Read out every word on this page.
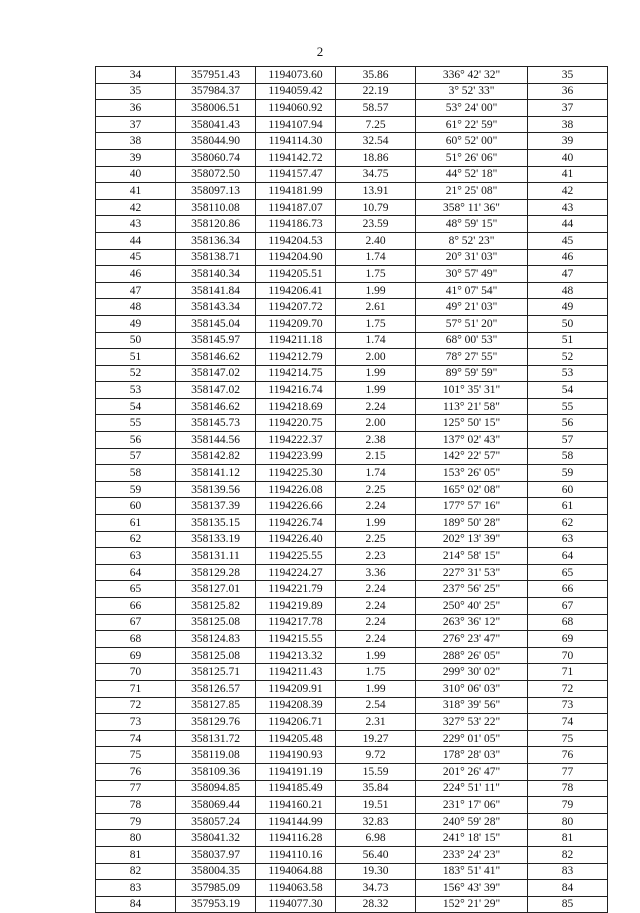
2
34	357951.43	1194073.60	35.86	336° 42' 32"	35
35	357984.37	1194059.42	22.19	3° 52' 33"	36
36	358006.51	1194060.92	58.57	53° 24' 00"	37
37	358041.43	1194107.94	7.25	61° 22' 59"	38
38	358044.90	1194114.30	32.54	60° 52' 00"	39
39	358060.74	1194142.72	18.86	51° 26' 06"	40
40	358072.50	1194157.47	34.75	44° 52' 18"	41
41	358097.13	1194181.99	13.91	21° 25' 08"	42
42	358110.08	1194187.07	10.79	358° 11' 36"	43
43	358120.86	1194186.73	23.59	48° 59' 15"	44
44	358136.34	1194204.53	2.40	8° 52' 23"	45
45	358138.71	1194204.90	1.74	20° 31' 03"	46
46	358140.34	1194205.51	1.75	30° 57' 49"	47
47	358141.84	1194206.41	1.99	41° 07' 54"	48
48	358143.34	1194207.72	2.61	49° 21' 03"	49
49	358145.04	1194209.70	1.75	57° 51' 20"	50
50	358145.97	1194211.18	1.74	68° 00' 53"	51
51	358146.62	1194212.79	2.00	78° 27' 55"	52
52	358147.02	1194214.75	1.99	89° 59' 59"	53
53	358147.02	1194216.74	1.99	101° 35' 31"	54
54	358146.62	1194218.69	2.24	113° 21' 58"	55
55	358145.73	1194220.75	2.00	125° 50' 15"	56
56	358144.56	1194222.37	2.38	137° 02' 43"	57
57	358142.82	1194223.99	2.15	142° 22' 57"	58
58	358141.12	1194225.30	1.74	153° 26' 05"	59
59	358139.56	1194226.08	2.25	165° 02' 08"	60
60	358137.39	1194226.66	2.24	177° 57' 16"	61
61	358135.15	1194226.74	1.99	189° 50' 28"	62
62	358133.19	1194226.40	2.25	202° 13' 39"	63
63	358131.11	1194225.55	2.23	214° 58' 15"	64
64	358129.28	1194224.27	3.36	227° 31' 53"	65
65	358127.01	1194221.79	2.24	237° 56' 25"	66
66	358125.82	1194219.89	2.24	250° 40' 25"	67
67	358125.08	1194217.78	2.24	263° 36' 12"	68
68	358124.83	1194215.55	2.24	276° 23' 47"	69
69	358125.08	1194213.32	1.99	288° 26' 05"	70
70	358125.71	1194211.43	1.75	299° 30' 02"	71
71	358126.57	1194209.91	1.99	310° 06' 03"	72
72	358127.85	1194208.39	2.54	318° 39' 56"	73
73	358129.76	1194206.71	2.31	327° 53' 22"	74
74	358131.72	1194205.48	19.27	229° 01' 05"	75
75	358119.08	1194190.93	9.72	178° 28' 03"	76
76	358109.36	1194191.19	15.59	201° 26' 47"	77
77	358094.85	1194185.49	35.84	224° 51' 11"	78
78	358069.44	1194160.21	19.51	231° 17' 06"	79
79	358057.24	1194144.99	32.83	240° 59' 28"	80
80	358041.32	1194116.28	6.98	241° 18' 15"	81
81	358037.97	1194110.16	56.40	233° 24' 23"	82
82	358004.35	1194064.88	19.30	183° 51' 41"	83
83	357985.09	1194063.58	34.73	156° 43' 39"	84
84	357953.19	1194077.30	28.32	152° 21' 29"	85
